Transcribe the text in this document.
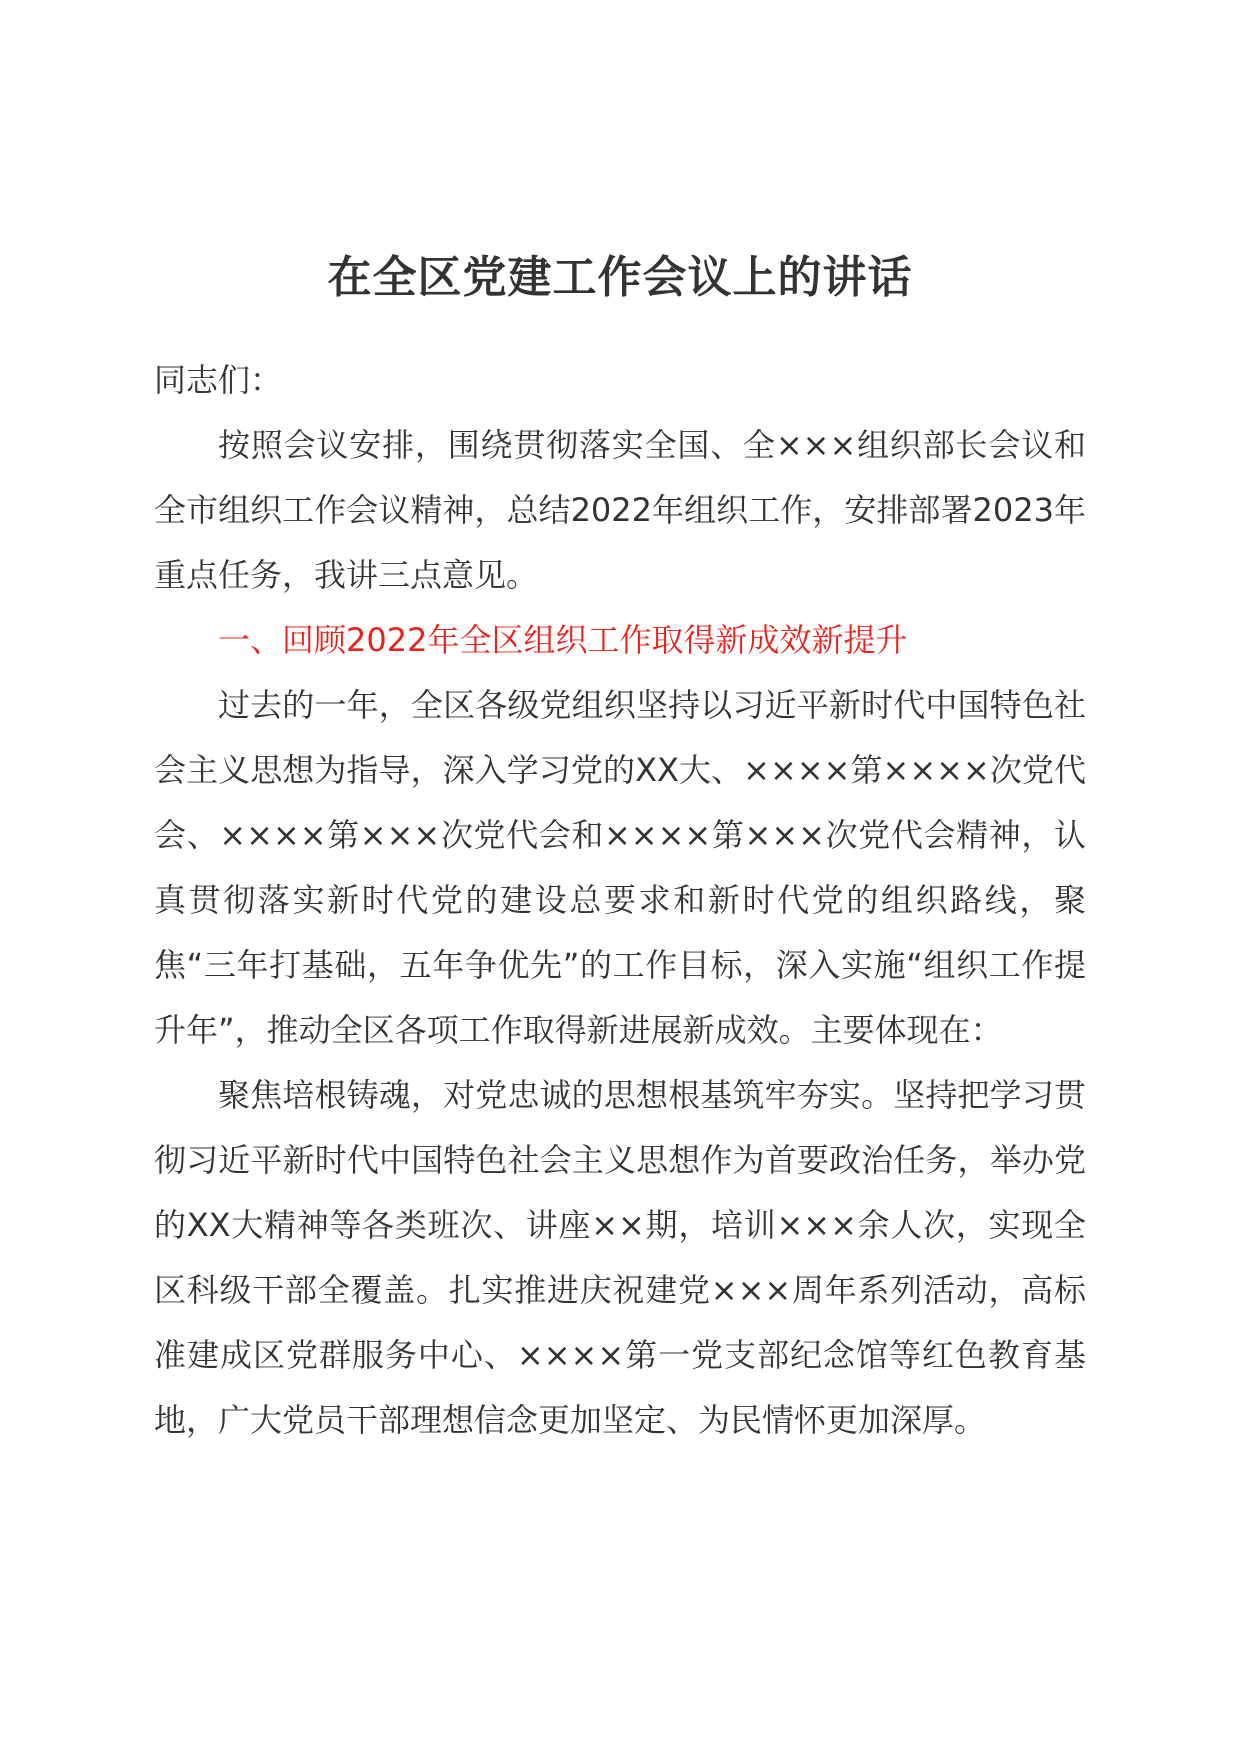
在全区党建工作会议上的讲话

同志们：

按照会议安排，围绕贯彻落实全国、全×××组织部长会议和全市组织工作会议精神，总结2022年组织工作，安排部署2023年重点任务，我讲三点意见。

一、回顾2022年全区组织工作取得新成效新提升

过去的一年，全区各级党组织坚持以习近平新时代中国特色社会主义思想为指导，深入学习党的XX大、××××第××××次党代会、××××第×××次党代会和××××第×××次党代会精神，认真贯彻落实新时代党的建设总要求和新时代党的组织路线，聚焦“三年打基础，五年争优先”的工作目标，深入实施“组织工作提升年”，推动全区各项工作取得新进展新成效。主要体现在：

聚焦培根铸魂，对党忠诚的思想根基筑牢夯实。坚持把学习贯彻习近平新时代中国特色社会主义思想作为首要政治任务，举办党的XX大精神等各类班次、讲座××期，培训×××余人次，实现全区科级干部全覆盖。扎实推进庆祝建党×××周年系列活动，高标准建成区党群服务中心、××××第一党支部纪念馆等红色教育基地，广大党员干部理想信念更加坚定、为民情怀更加深厚。
